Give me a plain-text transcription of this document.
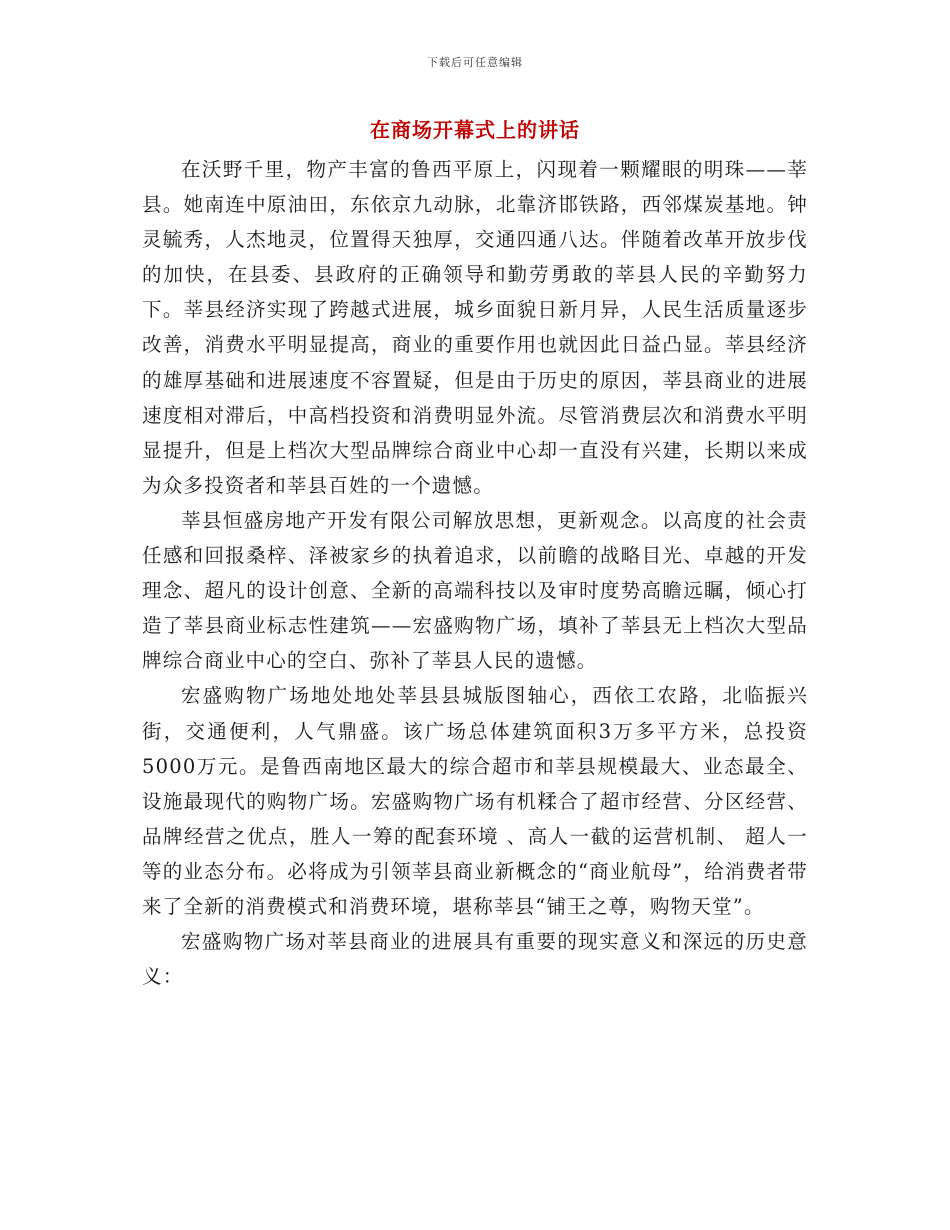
下载后可任意编辑
在商场开幕式上的讲话

在沃野千里，物产丰富的鲁西平原上，闪现着一颗耀眼的明珠——莘县。她南连中原油田，东依京九动脉，北靠济邯铁路，西邻煤炭基地。钟灵毓秀，人杰地灵，位置得天独厚，交通四通八达。伴随着改革开放步伐的加快，在县委、县政府的正确领导和勤劳勇敢的莘县人民的辛勤努力下。莘县经济实现了跨越式进展，城乡面貌日新月异，人民生活质量逐步改善，消费水平明显提高，商业的重要作用也就因此日益凸显。莘县经济的雄厚基础和进展速度不容置疑，但是由于历史的原因，莘县商业的进展速度相对滞后，中高档投资和消费明显外流。尽管消费层次和消费水平明显提升，但是上档次大型品牌综合商业中心却一直没有兴建，长期以来成为众多投资者和莘县百姓的一个遗憾。

莘县恒盛房地产开发有限公司解放思想，更新观念。以高度的社会责任感和回报桑梓、泽被家乡的执着追求，以前瞻的战略目光、卓越的开发理念、超凡的设计创意、全新的高端科技以及审时度势高瞻远瞩，倾心打造了莘县商业标志性建筑——宏盛购物广场，填补了莘县无上档次大型品牌综合商业中心的空白、弥补了莘县人民的遗憾。

宏盛购物广场地处地处莘县县城版图轴心，西依工农路，北临振兴街，交通便利，人气鼎盛。该广场总体建筑面积3万多平方米，总投资5000万元。是鲁西南地区最大的综合超市和莘县规模最大、业态最全、设施最现代的购物广场。宏盛购物广场有机糅合了超市经营、分区经营、品牌经营之优点，胜人一筹的配套环境 、高人一截的运营机制、 超人一等的业态分布。必将成为引领莘县商业新概念的“商业航母”，给消费者带来了全新的消费模式和消费环境，堪称莘县“铺王之尊，购物天堂”。

宏盛购物广场对莘县商业的进展具有重要的现实意义和深远的历史意义：
